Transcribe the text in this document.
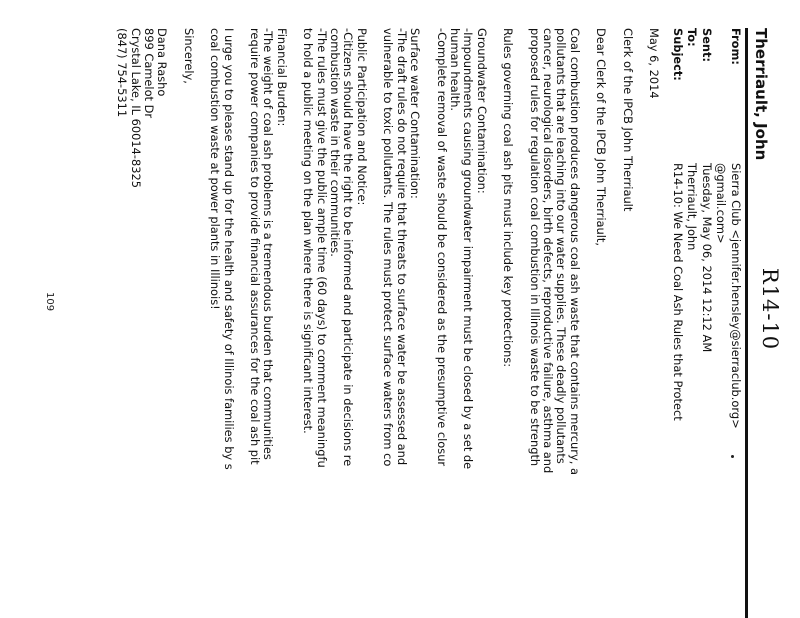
R14-10
Therriault, John
From:
Sierra Club <jennifer.hensley@sierraclub.org>
@gmail.com>
Sent:
Tuesday, May 06, 2014 12:12 AM
To:
Therriault, John
Subject:
R14-10: We Need Coal Ash Rules that Protect

May 6, 2014

Clerk of the IPCB John Therriault

Dear Clerk of the IPCB John Therriault,

Coal combustion produces dangerous coal ash waste that contains mercury, a
pollutants that are leaching into our water supplies. These deadly pollutants
cancer, neurological disorders, birth defects, reproductive failure, asthma and
proposed rules for regulation coal combustion in Illinois waste to be strength

Rules governing coal ash pits must include key protections:

Groundwater Contamination:
-Impoundments causing groundwater impairment must be closed by a set de
human health.
-Complete removal of waste should be considered as the presumptive closur

Surface water Contamination:
-The draft rules do not require that threats to surface water be assessed and
vulnerable to toxic pollutants. The rules must protect surface waters from co

Public Participation and Notice:
-Citizens should have the right to be informed and participate in decisions re
combustion waste in their communities.
-The rules must give the public ample time (60 days) to comment meaningfu
to hold a public meeting on the plan where there is significant interest.

Financial Burden:
-The weight of coal ash problems is a tremendous burden that communities
require power companies to provide financial assurances for the coal ash pit

I urge you to please stand up for the health and safety of Illinois families by s
coal combustion waste at power plants in Illinois!

Sincerely,

Dana Rasho
899 Camelot Dr
Crystal Lake, IL 60014-8325
(847) 754-5311

109
